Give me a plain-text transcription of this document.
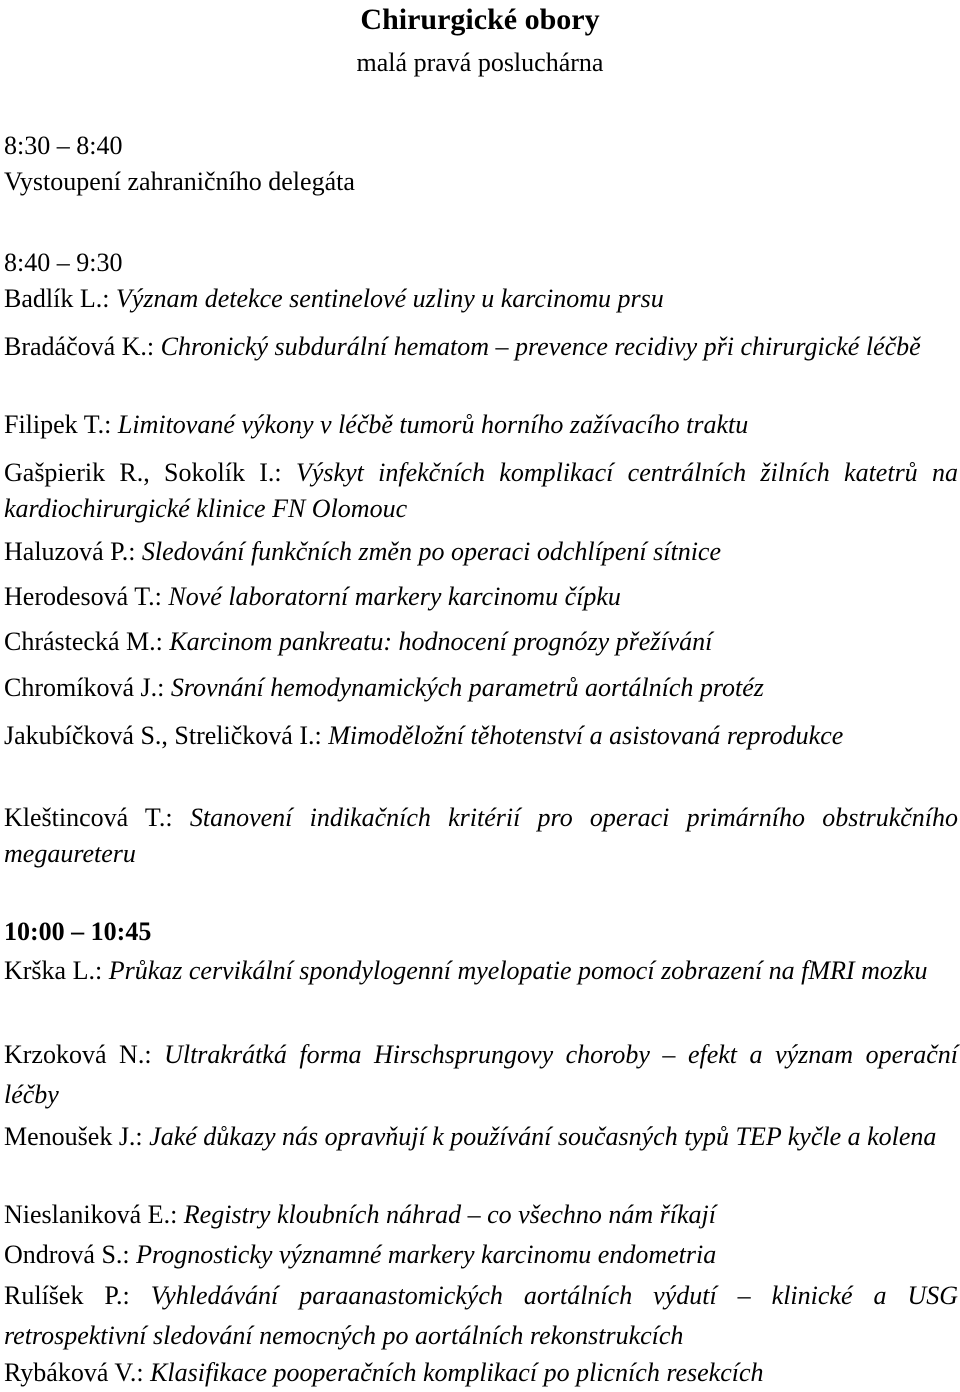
Chirurgické obory
malá pravá posluchárna
8:30 – 8:40
Vystoupení zahraničního delegáta
8:40 – 9:30
Badlík L.: Význam detekce sentinelové uzliny u karcinomu prsu
Bradáčová K.: Chronický subdurální hematom – prevence recidivy při chirurgické léčbě
Filipek T.: Limitované výkony v léčbě tumorů horního zažívacího traktu
Gašpierik R., Sokolík I.: Výskyt infekčních komplikací centrálních žilních katetrů na kardiochirurgické klinice FN Olomouc
Haluzová P.: Sledování funkčních změn po operaci odchlípení sítnice
Herodesová T.: Nové laboratorní markery karcinomu čípku
Chrástecká M.: Karcinom pankreatu: hodnocení prognózy přežívání
Chromíková J.: Srovnání hemodynamických parametrů aortálních protéz
Jakubíčková S., Streličková I.: Mimoděložní těhotenství a asistovaná reprodukce
Kleštincová T.: Stanovení indikačních kritérií pro operaci primárního obstrukčního megaureteru
10:00 – 10:45
Krška L.: Průkaz cervikální spondylogenní myelopatie pomocí zobrazení na fMRI mozku
Krzoková N.: Ultrakrátká forma Hirschsprungovy choroby – efekt a význam operační léčby
Menoušek J.: Jaké důkazy nás opravňují k používání současných typů TEP kyčle a kolena
Nieslaniková E.: Registry kloubních náhrad – co všechno nám říkají
Ondrová S.: Prognosticky významné markery karcinomu endometria
Rulíšek P.: Vyhledávání paraanastomických aortálních výdutí – klinické a USG retrospektivní sledování nemocných po aortálních rekonstrukcích
Rybáková V.: Klasifikace pooperačních komplikací po plicních resekcích
